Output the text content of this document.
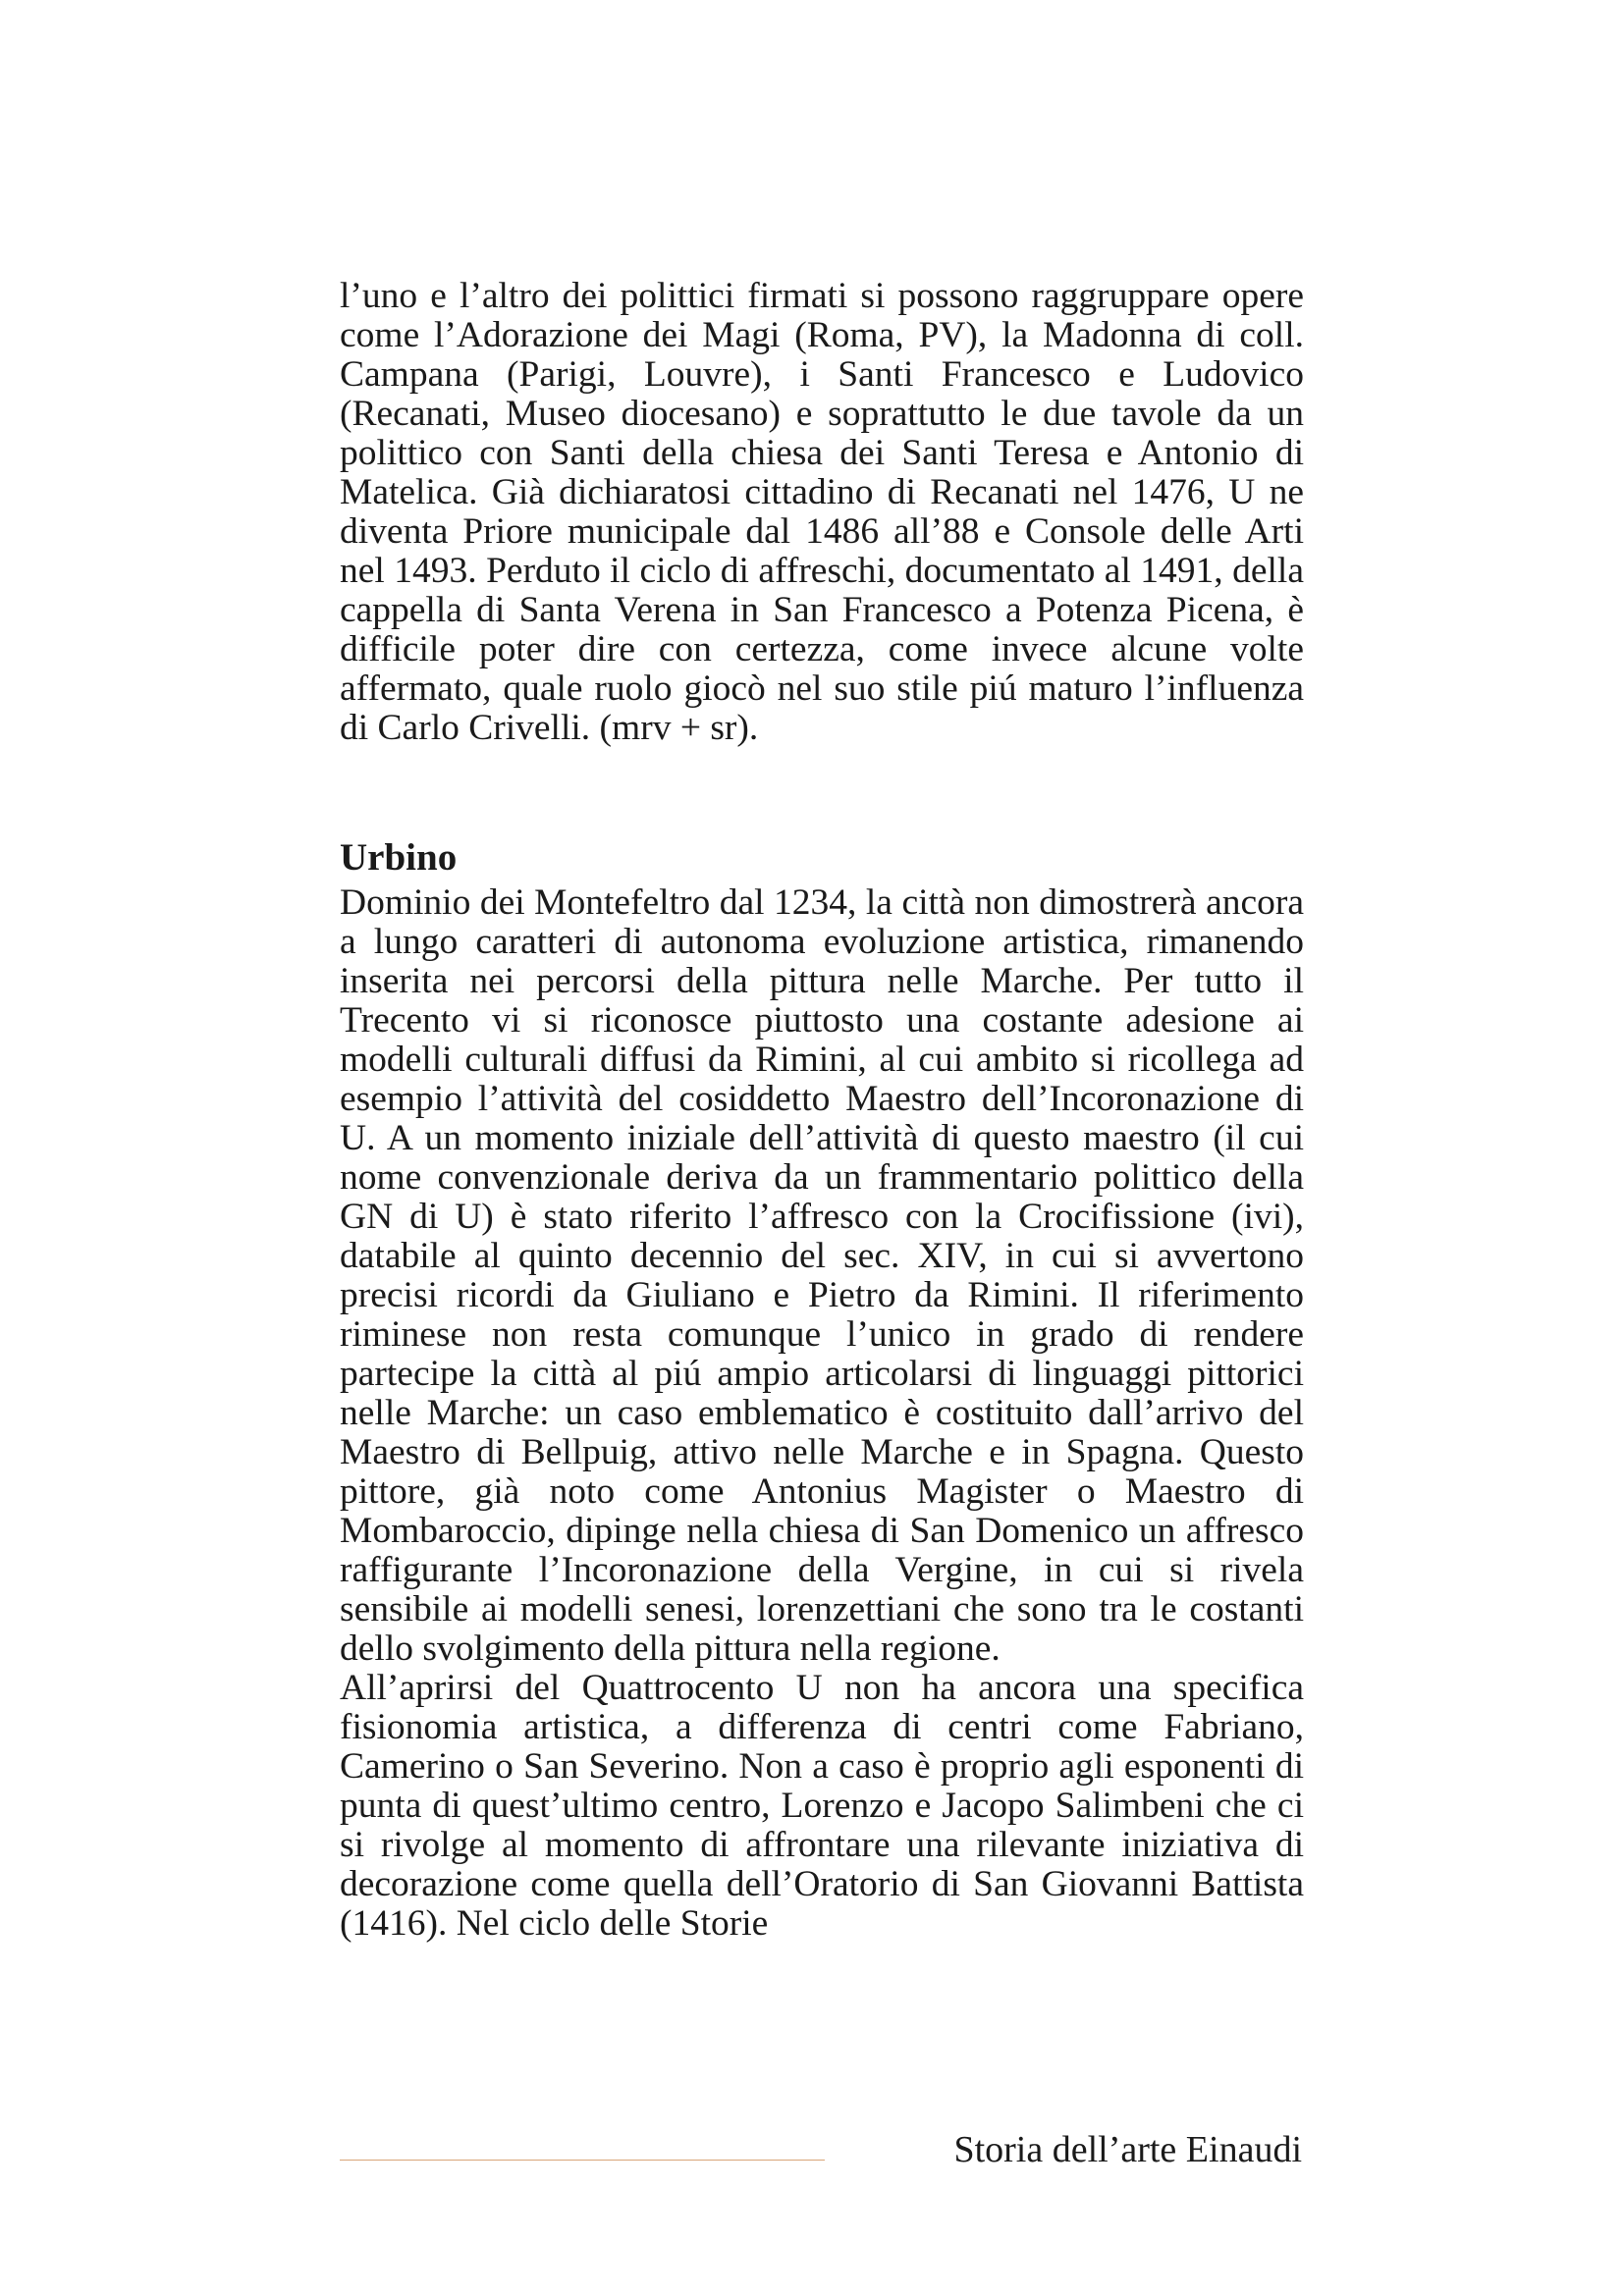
l’uno e l’altro dei polittici firmati si possono raggruppare opere come l’Adorazione dei Magi (Roma, PV), la Madonna di coll. Campana (Parigi, Louvre), i Santi Francesco e Ludovico (Recanati, Museo diocesano) e soprattutto le due tavole da un polittico con Santi della chiesa dei Santi Teresa e Antonio di Matelica. Già dichiaratosi cittadino di Recanati nel 1476, U ne diventa Priore municipale dal 1486 all’88 e Console delle Arti nel 1493. Perduto il ciclo di affreschi, documentato al 1491, della cappella di Santa Verena in San Francesco a Potenza Picena, è difficile poter dire con certezza, come invece alcune volte affermato, quale ruolo giocò nel suo stile piú maturo l’influenza di Carlo Crivelli. (mrv + sr).

Urbino

Dominio dei Montefeltro dal 1234, la città non dimostrerà ancora a lungo caratteri di autonoma evoluzione artistica, rimanendo inserita nei percorsi della pittura nelle Marche. Per tutto il Trecento vi si riconosce piuttosto una costante adesione ai modelli culturali diffusi da Rimini, al cui ambito si ricollega ad esempio l’attività del cosiddetto Maestro dell’Incoronazione di U. A un momento iniziale dell’attività di questo maestro (il cui nome convenzionale deriva da un frammentario polittico della GN di U) è stato riferito l’affresco con la Crocifissione (ivi), databile al quinto decennio del sec. XIV, in cui si avvertono precisi ricordi da Giuliano e Pietro da Rimini. Il riferimento riminese non resta comunque l’unico in grado di rendere partecipe la città al piú ampio articolarsi di linguaggi pittorici nelle Marche: un caso emblematico è costituito dall’arrivo del Maestro di Bellpuig, attivo nelle Marche e in Spagna. Questo pittore, già noto come Antonius Magister o Maestro di Mombaroccio, dipinge nella chiesa di San Domenico un affresco raffigurante l’Incoronazione della Vergine, in cui si rivela sensibile ai modelli senesi, lorenzettiani che sono tra le costanti dello svolgimento della pittura nella regione.

All’aprirsi del Quattrocento U non ha ancora una specifica fisionomia artistica, a differenza di centri come Fabriano, Camerino o San Severino. Non a caso è proprio agli esponenti di punta di quest’ultimo centro, Lorenzo e Jacopo Salimbeni che ci si rivolge al momento di affrontare una rilevante iniziativa di decorazione come quella dell’Oratorio di San Giovanni Battista (1416). Nel ciclo delle Storie

Storia dell’arte Einaudi
